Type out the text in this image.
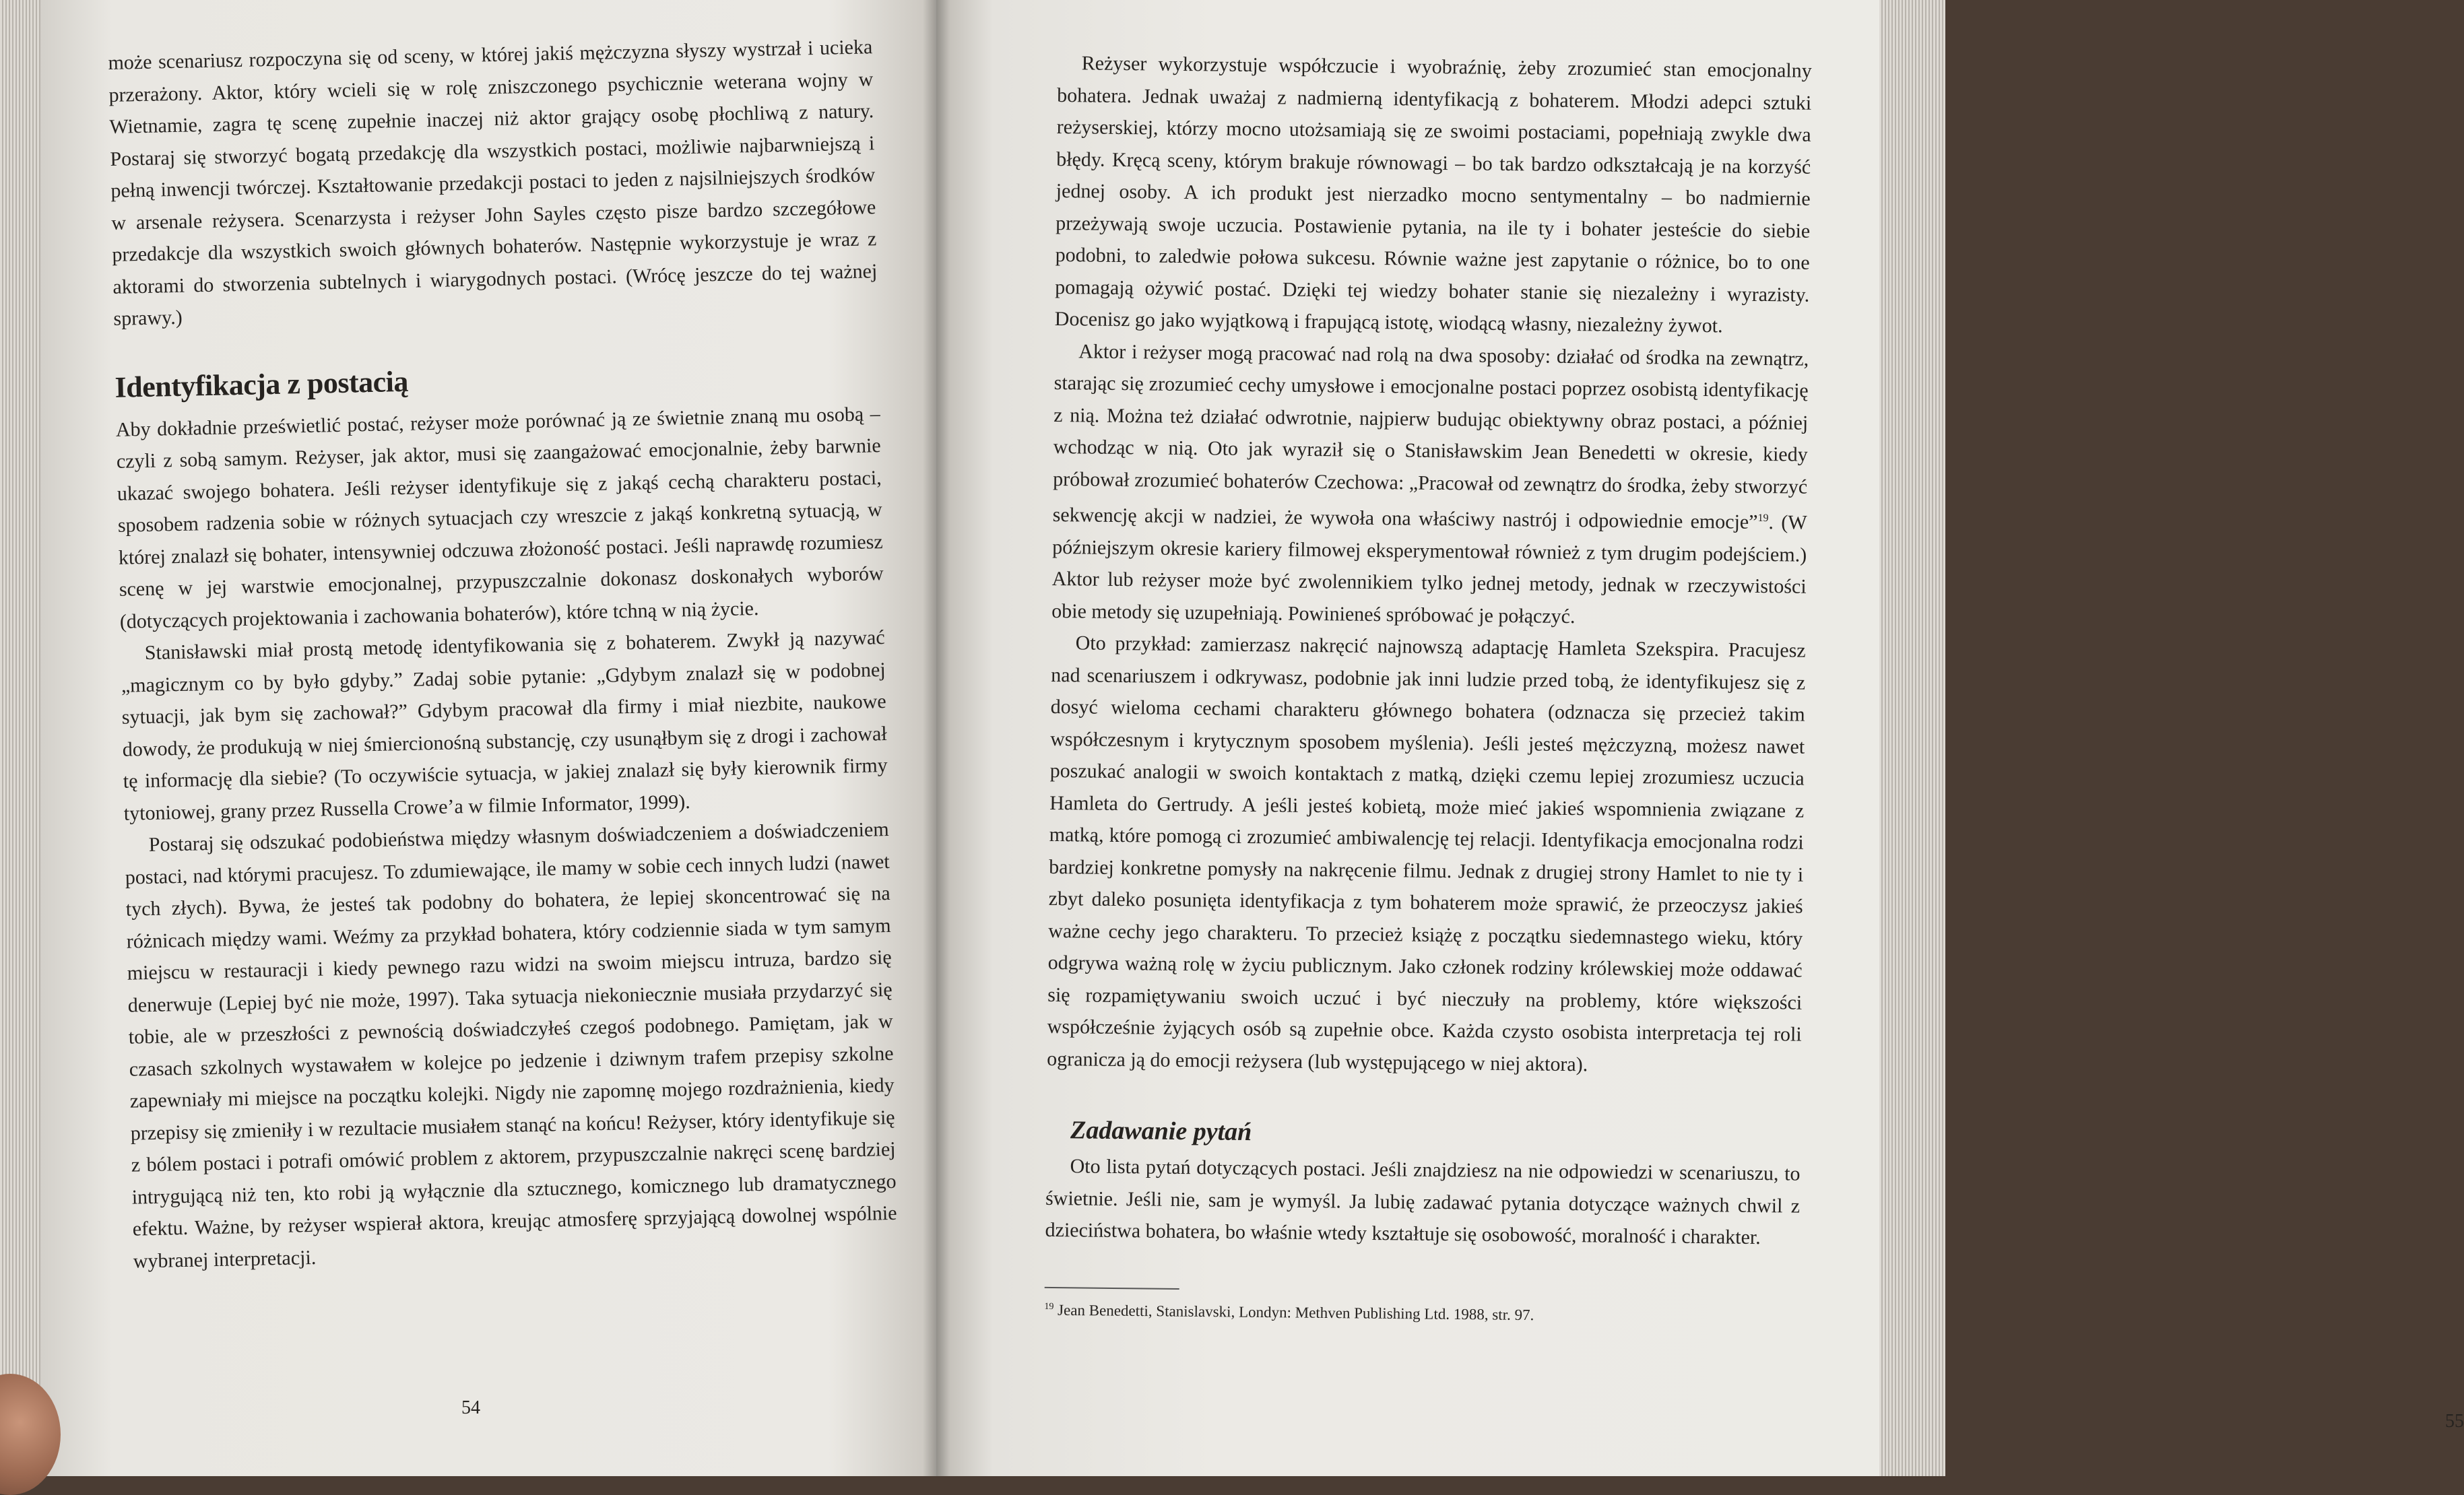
może scenariusz rozpoczyna się od sceny, w której jakiś mężczyzna słyszy wystrzał i ucieka przerażony. Aktor, który wcieli się w rolę zniszczonego psychicznie weterana wojny w Wietnamie, zagra tę scenę zupełnie inaczej niż aktor grający osobę płochliwą z natury. Postaraj się stworzyć bogatą przedakcję dla wszystkich postaci, możliwie najbarwniejszą i pełną inwencji twórczej. Kształtowanie przedakcji postaci to jeden z najsilniejszych środków w arsenale reżysera. Scenarzysta i reżyser John Sayles często pisze bardzo szczegółowe przedakcje dla wszystkich swoich głównych bohaterów. Następnie wykorzystuje je wraz z aktorami do stworzenia subtelnych i wiarygodnych postaci. (Wrócę jeszcze do tej ważnej sprawy.)

Identyfikacja z postacią

Aby dokładnie prześwietlić postać, reżyser może porównać ją ze świetnie znaną mu osobą – czyli z sobą samym. Reżyser, jak aktor, musi się zaangażować emocjonalnie, żeby barwnie ukazać swojego bohatera. Jeśli reżyser identyfikuje się z jakąś cechą charakteru postaci, sposobem radzenia sobie w różnych sytuacjach czy wreszcie z jakąś konkretną sytuacją, w której znalazł się bohater, intensywniej odczuwa złożoność postaci. Jeśli naprawdę rozumiesz scenę w jej warstwie emocjonalnej, przypuszczalnie dokonasz doskonałych wyborów (dotyczących projektowania i zachowania bohaterów), które tchną w nią życie.

Stanisławski miał prostą metodę identyfikowania się z bohaterem. Zwykł ją nazywać „magicznym co by było gdyby.” Zadaj sobie pytanie: „Gdybym znalazł się w podobnej sytuacji, jak bym się zachował?” Gdybym pracował dla firmy i miał niezbite, naukowe dowody, że produkują w niej śmiercionośną substancję, czy usunąłbym się z drogi i zachował tę informację dla siebie? (To oczywiście sytuacja, w jakiej znalazł się były kierownik firmy tytoniowej, grany przez Russella Crowe’a w filmie Informator, 1999).

Postaraj się odszukać podobieństwa między własnym doświadczeniem a doświadczeniem postaci, nad którymi pracujesz. To zdumiewające, ile mamy w sobie cech innych ludzi (nawet tych złych). Bywa, że jesteś tak podobny do bohatera, że lepiej skoncentrować się na różnicach między wami. Weźmy za przykład bohatera, który codziennie siada w tym samym miejscu w restauracji i kiedy pewnego razu widzi na swoim miejscu intruza, bardzo się denerwuje (Lepiej być nie może, 1997). Taka sytuacja niekoniecznie musiała przydarzyć się tobie, ale w przeszłości z pewnością doświadczyłeś czegoś podobnego. Pamiętam, jak w czasach szkolnych wystawałem w kolejce po jedzenie i dziwnym trafem przepisy szkolne zapewniały mi miejsce na początku kolejki. Nigdy nie zapomnę mojego rozdrażnienia, kiedy przepisy się zmieniły i w rezultacie musiałem stanąć na końcu! Reżyser, który identyfikuje się z bólem postaci i potrafi omówić problem z aktorem, przypuszczalnie nakręci scenę bardziej intrygującą niż ten, kto robi ją wyłącznie dla sztucznego, komicznego lub dramatycznego efektu. Ważne, by reżyser wspierał aktora, kreując atmosferę sprzyjającą dowolnej wspólnie wybranej interpretacji.

54

Reżyser wykorzystuje współczucie i wyobraźnię, żeby zrozumieć stan emocjonalny bohatera. Jednak uważaj z nadmierną identyfikacją z bohaterem. Młodzi adepci sztuki reżyserskiej, którzy mocno utożsamiają się ze swoimi postaciami, popełniają zwykle dwa błędy. Kręcą sceny, którym brakuje równowagi – bo tak bardzo odkształcają je na korzyść jednej osoby. A ich produkt jest nierzadko mocno sentymentalny – bo nadmiernie przeżywają swoje uczucia. Postawienie pytania, na ile ty i bohater jesteście do siebie podobni, to zaledwie połowa sukcesu. Równie ważne jest zapytanie o różnice, bo to one pomagają ożywić postać. Dzięki tej wiedzy bohater stanie się niezależny i wyrazisty. Docenisz go jako wyjątkową i frapującą istotę, wiodącą własny, niezależny żywot.

Aktor i reżyser mogą pracować nad rolą na dwa sposoby: działać od środka na zewnątrz, starając się zrozumieć cechy umysłowe i emocjonalne postaci poprzez osobistą identyfikację z nią. Można też działać odwrotnie, najpierw budując obiektywny obraz postaci, a później wchodząc w nią. Oto jak wyraził się o Stanisławskim Jean Benedetti w okresie, kiedy próbował zrozumieć bohaterów Czechowa: „Pracował od zewnątrz do środka, żeby stworzyć sekwencję akcji w nadziei, że wywoła ona właściwy nastrój i odpowiednie emocje”$^{19}$. (W późniejszym okresie kariery filmowej eksperymentował również z tym drugim podejściem.) Aktor lub reżyser może być zwolennikiem tylko jednej metody, jednak w rzeczywistości obie metody się uzupełniają. Powinieneś spróbować je połączyć.

Oto przykład: zamierzasz nakręcić najnowszą adaptację Hamleta Szekspira. Pracujesz nad scenariuszem i odkrywasz, podobnie jak inni ludzie przed tobą, że identyfikujesz się z dosyć wieloma cechami charakteru głównego bohatera (odznacza się przecież takim współczesnym i krytycznym sposobem myślenia). Jeśli jesteś mężczyzną, możesz nawet poszukać analogii w swoich kontaktach z matką, dzięki czemu lepiej zrozumiesz uczucia Hamleta do Gertrudy. A jeśli jesteś kobietą, może mieć jakieś wspomnienia związane z matką, które pomogą ci zrozumieć ambiwalencję tej relacji. Identyfikacja emocjonalna rodzi bardziej konkretne pomysły na nakręcenie filmu. Jednak z drugiej strony Hamlet to nie ty i zbyt daleko posunięta identyfikacja z tym bohaterem może sprawić, że przeoczysz jakieś ważne cechy jego charakteru. To przecież książę z początku siedemnastego wieku, który odgrywa ważną rolę w życiu publicznym. Jako członek rodziny królewskiej może oddawać się rozpamiętywaniu swoich uczuć i być nieczuły na problemy, które większości współcześnie żyjących osób są zupełnie obce. Każda czysto osobista interpretacja tej roli ogranicza ją do emocji reżysera (lub występującego w niej aktora).

Zadawanie pytań

Oto lista pytań dotyczących postaci. Jeśli znajdziesz na nie odpowiedzi w scenariuszu, to świetnie. Jeśli nie, sam je wymyśl. Ja lubię zadawać pytania dotyczące ważnych chwil z dzieciństwa bohatera, bo właśnie wtedy kształtuje się osobowość, moralność i charakter.

$^{19}$ Jean Benedetti, Stanislavski, Londyn: Methven Publishing Ltd. 1988, str. 97.
55
